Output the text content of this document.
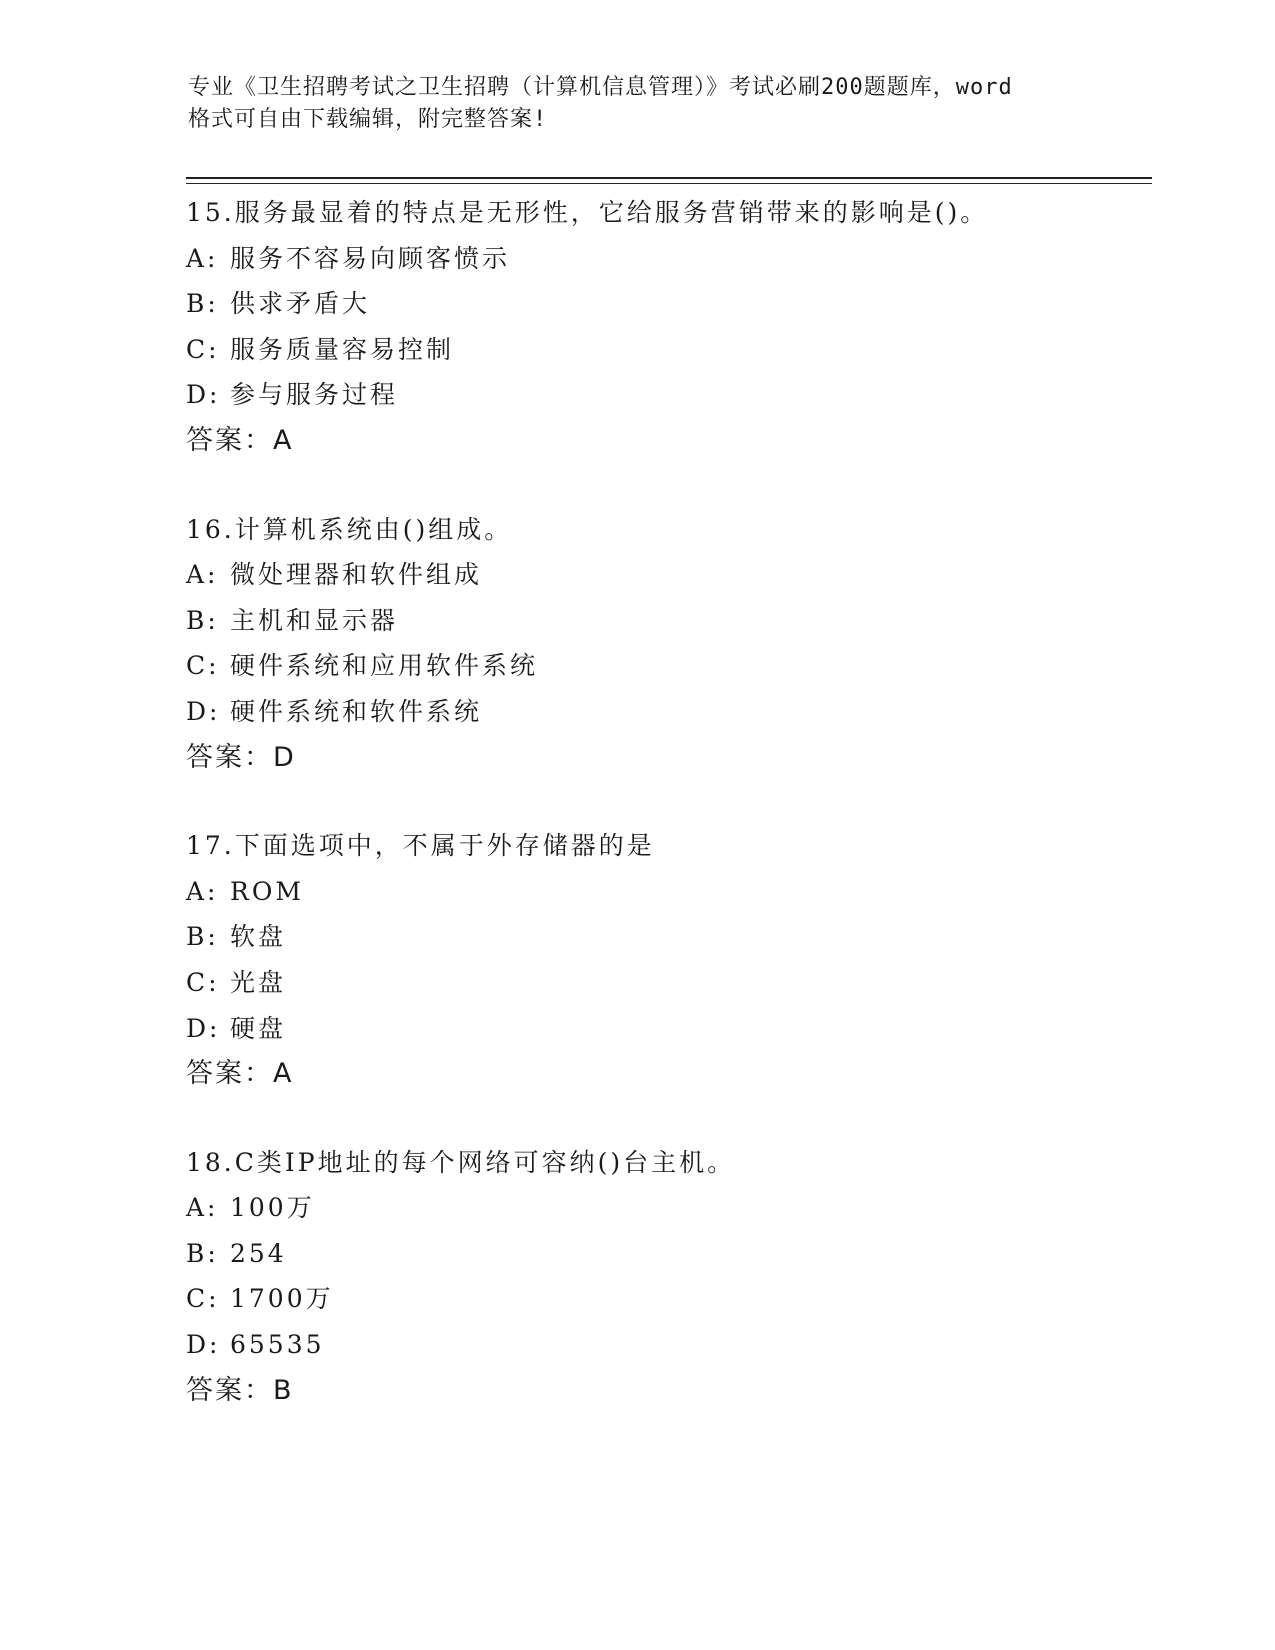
专业《卫生招聘考试之卫生招聘（计算机信息管理）》考试必刷200题题库，word
格式可自由下载编辑，附完整答案!
15.服务最显着的特点是无形性，它给服务营销带来的影响是()。
A: 服务不容易向顾客愤示
B: 供求矛盾大
C: 服务质量容易控制
D: 参与服务过程
答案：A
16.计算机系统由()组成。
A: 微处理器和软件组成
B: 主机和显示器
C: 硬件系统和应用软件系统
D: 硬件系统和软件系统
答案：D
17.下面选项中，不属于外存储器的是
A: ROM
B: 软盘
C: 光盘
D: 硬盘
答案：A
18.C类IP地址的每个网络可容纳()台主机。
A: 100万
B: 254
C: 1700万
D: 65535
答案：B
